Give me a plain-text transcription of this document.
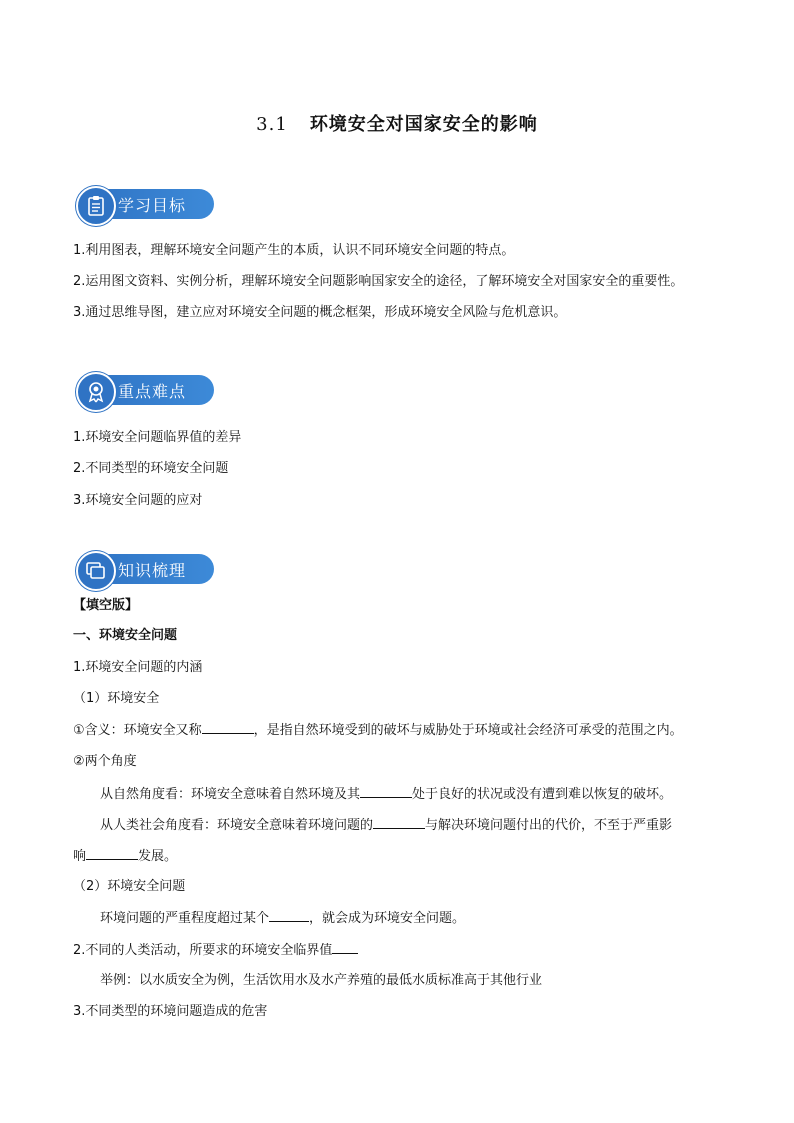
3.1 环境安全对国家安全的影响
学习目标
1.利用图表，理解环境安全问题产生的本质，认识不同环境安全问题的特点。
2.运用图文资料、实例分析，理解环境安全问题影响国家安全的途径，了解环境安全对国家安全的重要性。
3.通过思维导图，建立应对环境安全问题的概念框架，形成环境安全风险与危机意识。
重点难点
1.环境安全问题临界值的差异
2.不同类型的环境安全问题
3.环境安全问题的应对
知识梳理
【填空版】
一、环境安全问题
1.环境安全问题的内涵
（1）环境安全
①含义：环境安全又称	，是指自然环境受到的破坏与威胁处于环境或社会经济可承受的范围之内。
②两个角度
从自然角度看：环境安全意味着自然环境及其	处于良好的状况或没有遭到难以恢复的破坏。
从人类社会角度看：环境安全意味着环境问题的	与解决环境问题付出的代价，不至于严重影
响	发展。
（2）环境安全问题
环境问题的严重程度超过某个	，就会成为环境安全问题。
2.不同的人类活动，所要求的环境安全临界值
举例：以水质安全为例，生活饮用水及水产养殖的最低水质标准高于其他行业
3.不同类型的环境问题造成的危害
